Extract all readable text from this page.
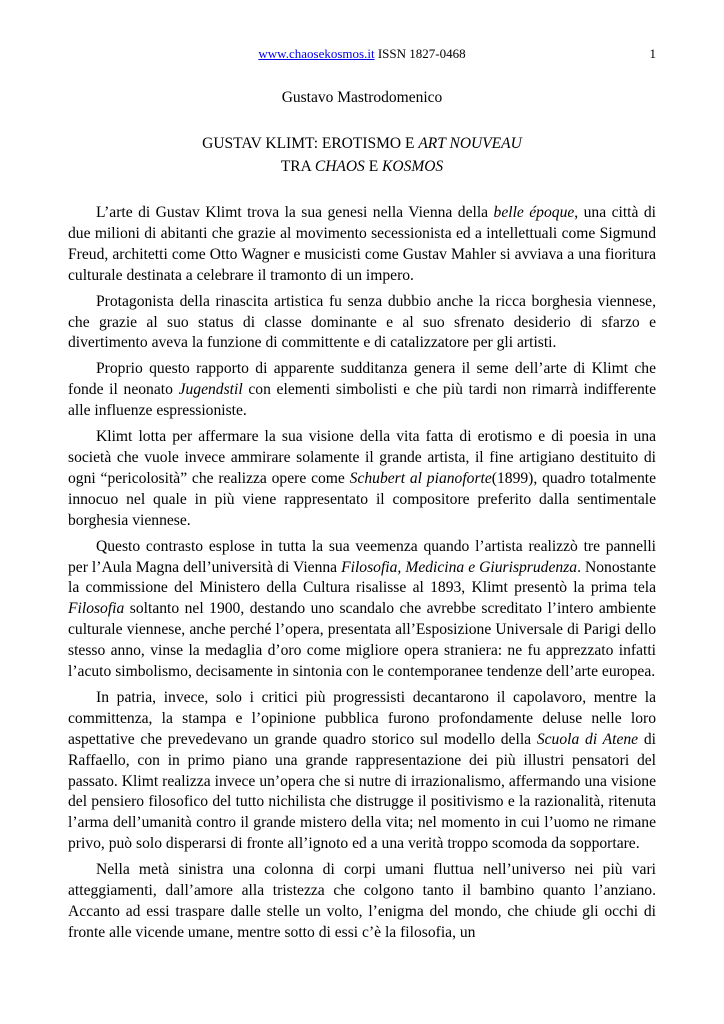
www.chaosekosmos.it ISSN 1827-0468	1
Gustavo Mastrodomenico
GUSTAV KLIMT: EROTISMO E ART NOUVEAU
TRA CHAOS E KOSMOS

L’arte di Gustav Klimt trova la sua genesi nella Vienna della belle époque, una città di due milioni di abitanti che grazie al movimento secessionista ed a intellettuali come Sigmund Freud, architetti come Otto Wagner e musicisti come Gustav Mahler si avviava a una fioritura culturale destinata a celebrare il tramonto di un impero.

Protagonista della rinascita artistica fu senza dubbio anche la ricca borghesia viennese, che grazie al suo status di classe dominante e al suo sfrenato desiderio di sfarzo e divertimento aveva la funzione di committente e di catalizzatore per gli artisti.

Proprio questo rapporto di apparente sudditanza genera il seme dell’arte di Klimt che fonde il neonato Jugendstil con elementi simbolisti e che più tardi non rimarrà indifferente alle influenze espressioniste.

Klimt lotta per affermare la sua visione della vita fatta di erotismo e di poesia in una società che vuole invece ammirare solamente il grande artista, il fine artigiano destituito di ogni “pericolosità” che realizza opere come Schubert al pianoforte(1899), quadro totalmente innocuo nel quale in più viene rappresentato il compositore preferito dalla sentimentale borghesia viennese.

Questo contrasto esplose in tutta la sua veemenza quando l’artista realizzò tre pannelli per l’Aula Magna dell’università di Vienna Filosofia, Medicina e Giurisprudenza. Nonostante la commissione del Ministero della Cultura risalisse al 1893, Klimt presentò la prima tela Filosofia soltanto nel 1900, destando uno scandalo che avrebbe screditato l’intero ambiente culturale viennese, anche perché l’opera, presentata all’Esposizione Universale di Parigi dello stesso anno, vinse la medaglia d’oro come migliore opera straniera: ne fu apprezzato infatti l’acuto simbolismo, decisamente in sintonia con le contemporanee tendenze dell’arte europea.

In patria, invece, solo i critici più progressisti decantarono il capolavoro, mentre la committenza, la stampa e l’opinione pubblica furono profondamente deluse nelle loro aspettative che prevedevano un grande quadro storico sul modello della Scuola di Atene di Raffaello, con in primo piano una grande rappresentazione dei più illustri pensatori del passato. Klimt realizza invece un’opera che si nutre di irrazionalismo, affermando una visione del pensiero filosofico del tutto nichilista che distrugge il positivismo e la razionalità, ritenuta l’arma dell’umanità contro il grande mistero della vita; nel momento in cui l’uomo ne rimane privo, può solo disperarsi di fronte all’ignoto ed a una verità troppo scomoda da sopportare.

Nella metà sinistra una colonna di corpi umani fluttua nell’universo nei più vari atteggiamenti, dall’amore alla tristezza che colgono tanto il bambino quanto l’anziano. Accanto ad essi traspare dalle stelle un volto, l’enigma del mondo, che chiude gli occhi di fronte alle vicende umane, mentre sotto di essi c’è la filosofia, un
